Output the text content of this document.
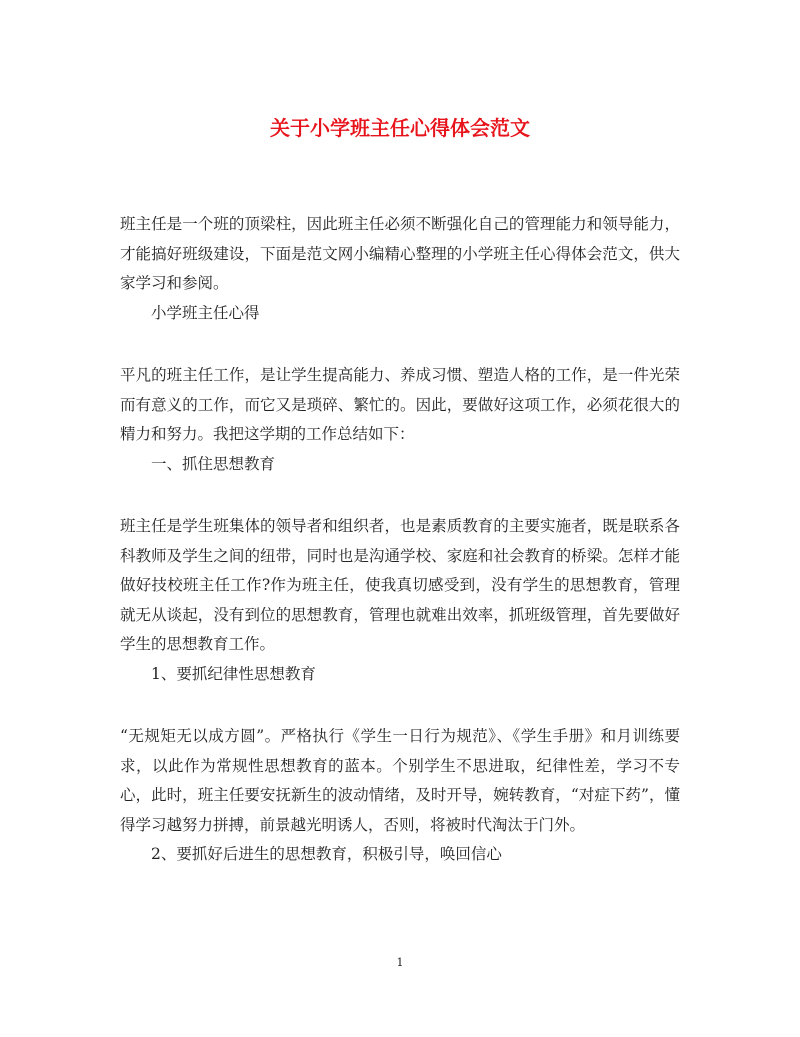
关于小学班主任心得体会范文

班主任是一个班的顶梁柱，因此班主任必须不断强化自己的管理能力和领导能力，才能搞好班级建设，下面是范文网小编精心整理的小学班主任心得体会范文，供大家学习和参阅。

小学班主任心得

平凡的班主任工作，是让学生提高能力、养成习惯、塑造人格的工作，是一件光荣而有意义的工作，而它又是琐碎、繁忙的。因此，要做好这项工作，必须花很大的精力和努力。我把这学期的工作总结如下：

一、抓住思想教育

班主任是学生班集体的领导者和组织者，也是素质教育的主要实施者，既是联系各科教师及学生之间的纽带，同时也是沟通学校、家庭和社会教育的桥梁。怎样才能做好技校班主任工作?作为班主任，使我真切感受到，没有学生的思想教育，管理就无从谈起，没有到位的思想教育，管理也就难出效率，抓班级管理，首先要做好学生的思想教育工作。

1、要抓纪律性思想教育

“无规矩无以成方圆”。严格执行《学生一日行为规范》、《学生手册》和月训练要求，以此作为常规性思想教育的蓝本。个别学生不思进取，纪律性差，学习不专心，此时，班主任要安抚新生的波动情绪，及时开导，婉转教育，“对症下药”，懂得学习越努力拼搏，前景越光明诱人，否则，将被时代淘汰于门外。

2、要抓好后进生的思想教育，积极引导，唤回信心

1
